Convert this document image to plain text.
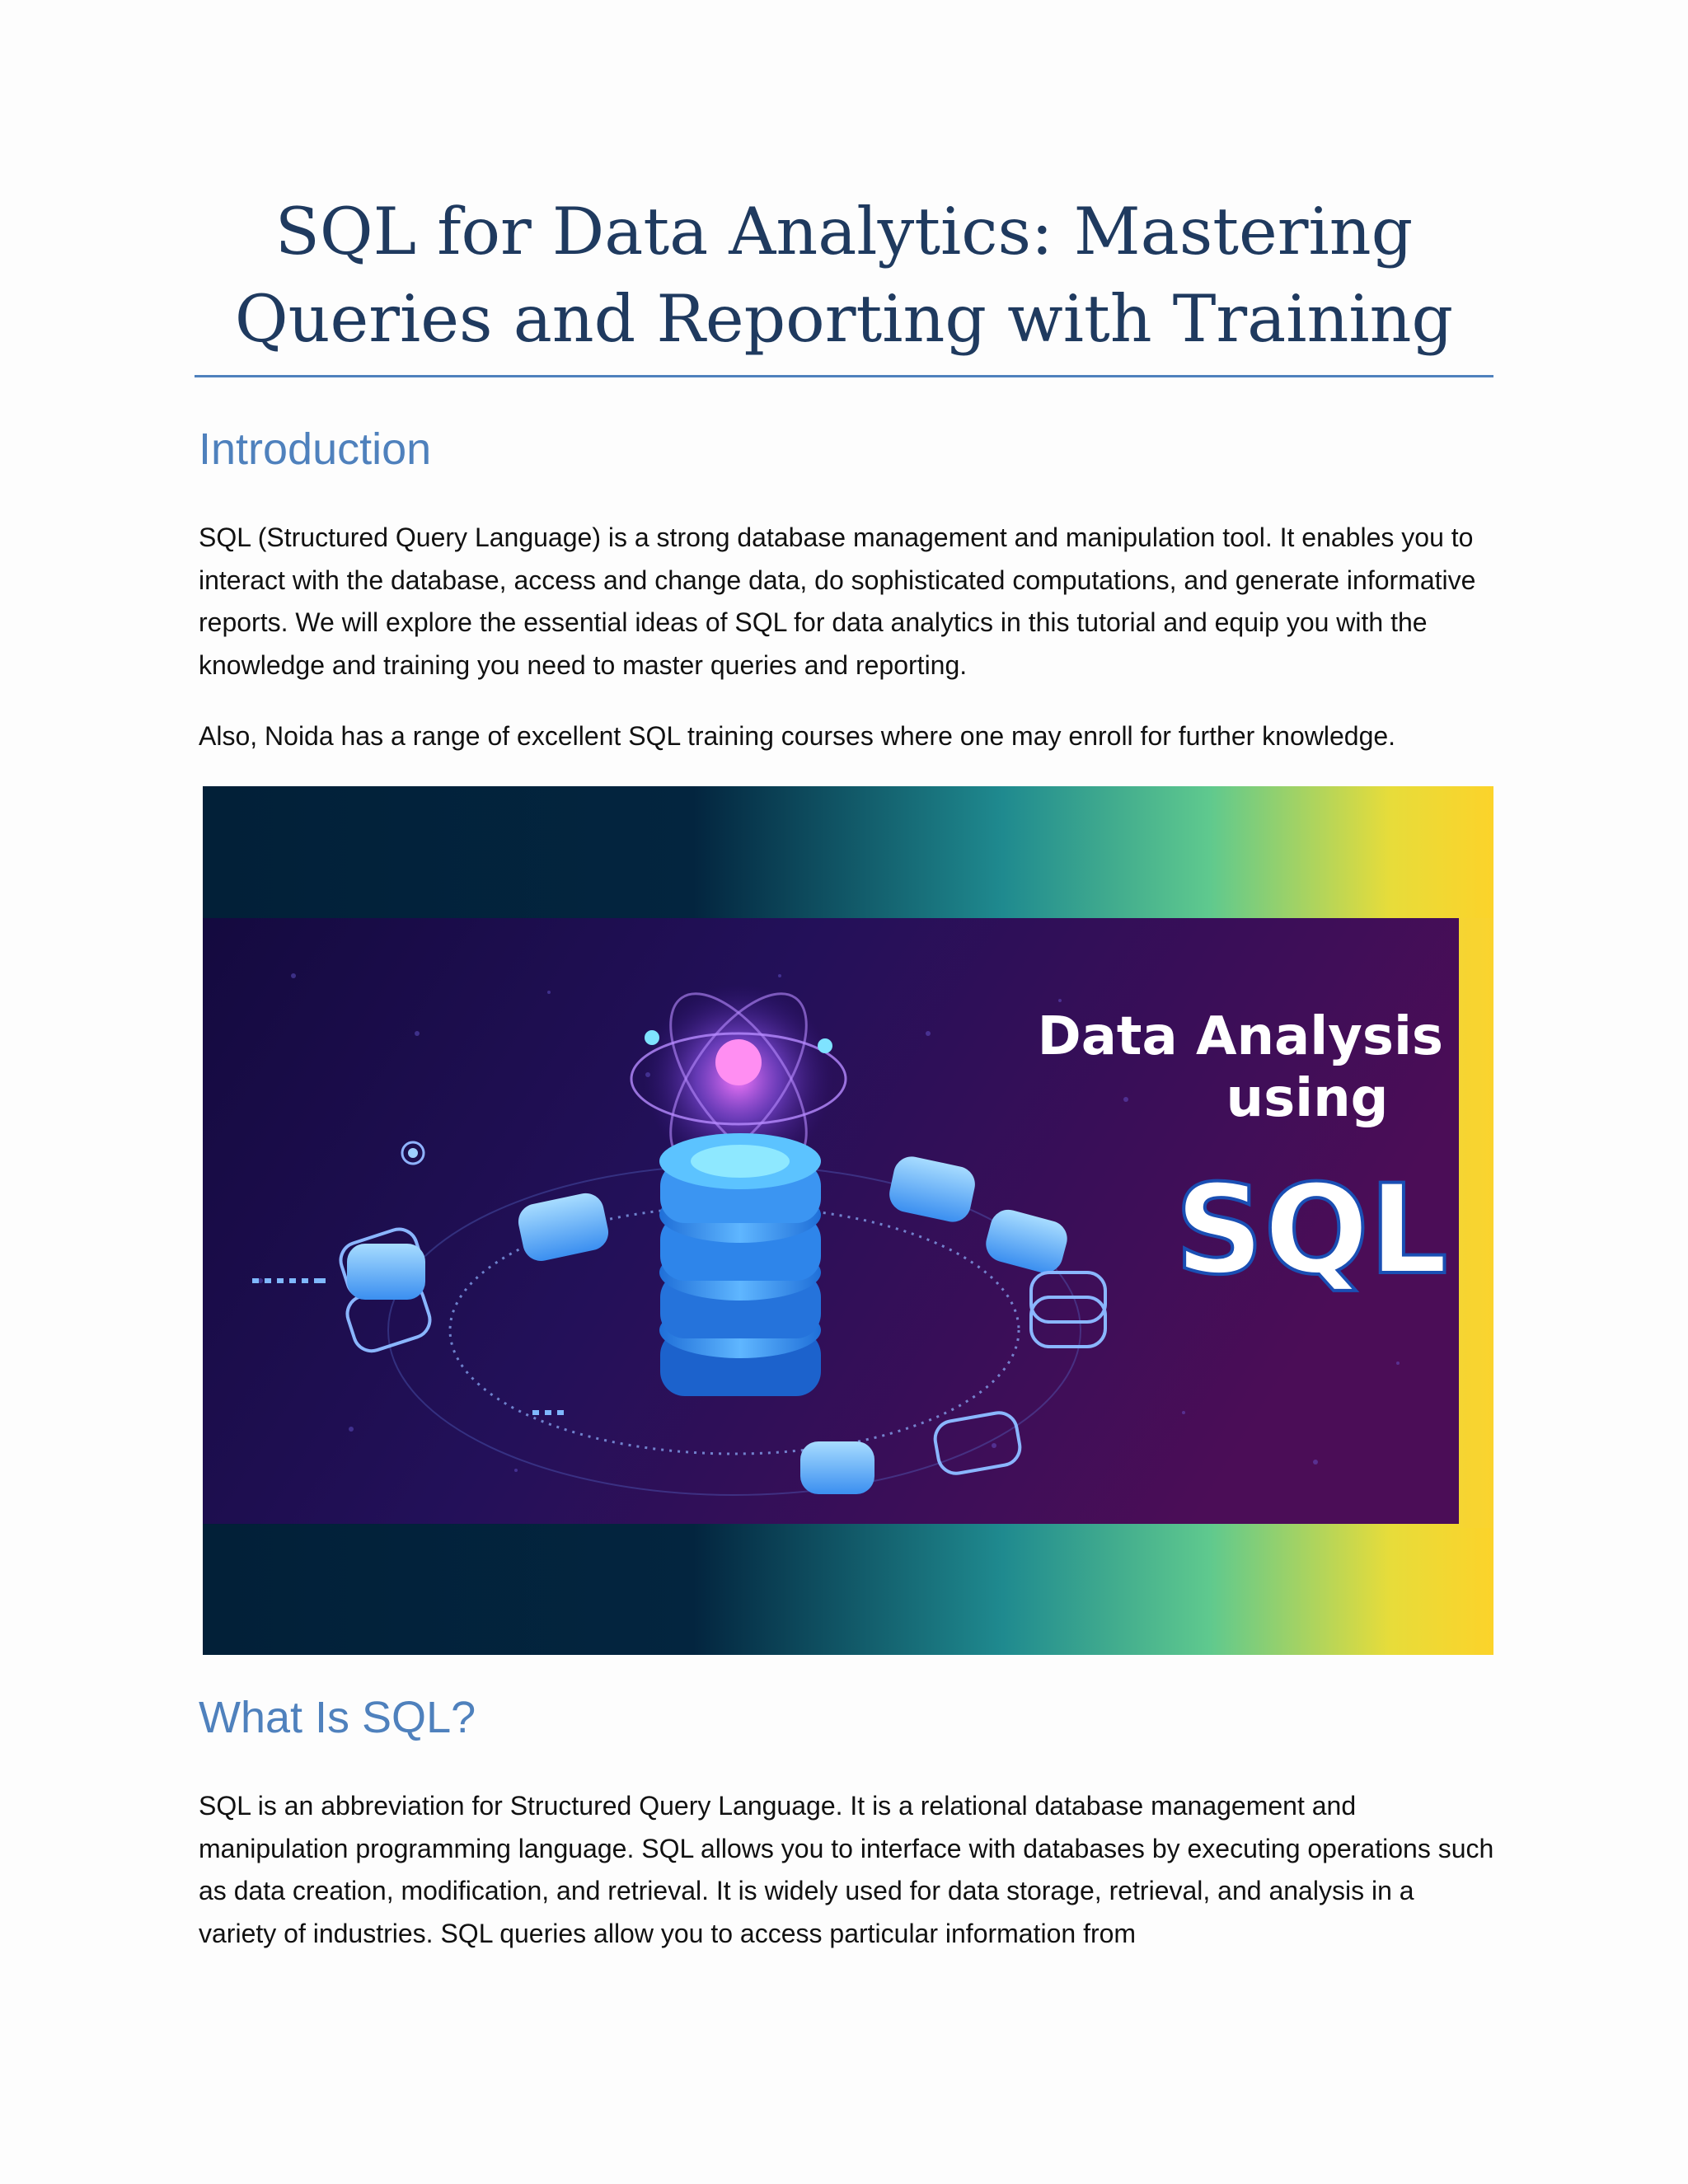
SQL for Data Analytics: Mastering
Queries and Reporting with Training
Introduction

SQL (Structured Query Language) is a strong database management and manipulation tool. It enables you to interact with the database, access and change data, do sophisticated computations, and generate informative reports. We will explore the essential ideas of SQL for data analytics in this tutorial and equip you with the knowledge and training you need to master queries and reporting.

Also, Noida has a range of excellent SQL training courses where one may enroll for further knowledge.

Data Analysis
using
SQL
What Is SQL?

SQL is an abbreviation for Structured Query Language. It is a relational database management and manipulation programming language. SQL allows you to interface with databases by executing operations such as data creation, modification, and retrieval. It is widely used for data storage, retrieval, and analysis in a variety of industries. SQL queries allow you to access particular information from
